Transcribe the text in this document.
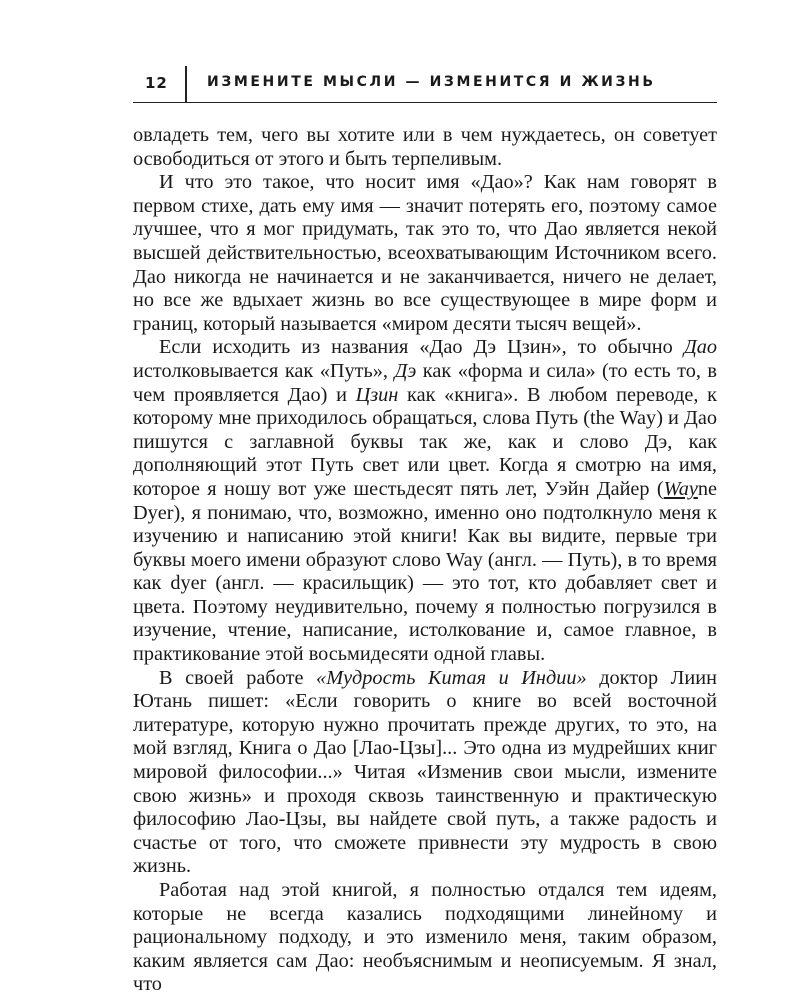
12	ИЗМЕНИТЕ МЫСЛИ — ИЗМЕНИТСЯ И ЖИЗНЬ

овладеть тем, чего вы хотите или в чем нуждаетесь, он советует освободиться от этого и быть терпеливым.

И что это такое, что носит имя «Дао»? Как нам говорят в первом стихе, дать ему имя — значит потерять его, поэтому самое лучшее, что я мог придумать, так это то, что Дао является некой высшей действительностью, всеохватывающим Источником всего. Дао никогда не начинается и не заканчивается, ничего не делает, но все же вдыхает жизнь во все существующее в мире форм и границ, который называется «миром десяти тысяч вещей».

Если исходить из названия «Дао Дэ Цзин», то обычно Дао истолковывается как «Путь», Дэ как «форма и сила» (то есть то, в чем проявляется Дао) и Цзин как «книга». В любом переводе, к которому мне приходилось обращаться, слова Путь (the Way) и Дао пишутся с заглавной буквы так же, как и слово Дэ, как дополняющий этот Путь свет или цвет. Когда я смотрю на имя, которое я ношу вот уже шестьдесят пять лет, Уэйн Дайер (Wayne Dyer), я понимаю, что, возможно, именно оно подтолкнуло меня к изучению и написанию этой книги! Как вы видите, первые три буквы моего имени образуют слово Way (англ. — Путь), в то время как dyer (англ. — красильщик) — это тот, кто добавляет свет и цвета. Поэтому неудивительно, почему я полностью погрузился в изучение, чтение, написание, истолкование и, самое главное, в практикование этой восьмидесяти одной главы.

В своей работе «Мудрость Китая и Индии» доктор Лиин Ютань пишет: «Если говорить о книге во всей восточной литературе, которую нужно прочитать прежде других, то это, на мой взгляд, Книга о Дао [Лао-Цзы]... Это одна из мудрейших книг мировой философии...» Читая «Изменив свои мысли, измените свою жизнь» и проходя сквозь таинственную и практическую философию Лао-Цзы, вы найдете свой путь, а также радость и счастье от того, что сможете привнести эту мудрость в свою жизнь.

Работая над этой книгой, я полностью отдался тем идеям, которые не всегда казались подходящими линейному и рациональному подходу, и это изменило меня, таким образом, каким является сам Дао: необъяснимым и неописуемым. Я знал, что
